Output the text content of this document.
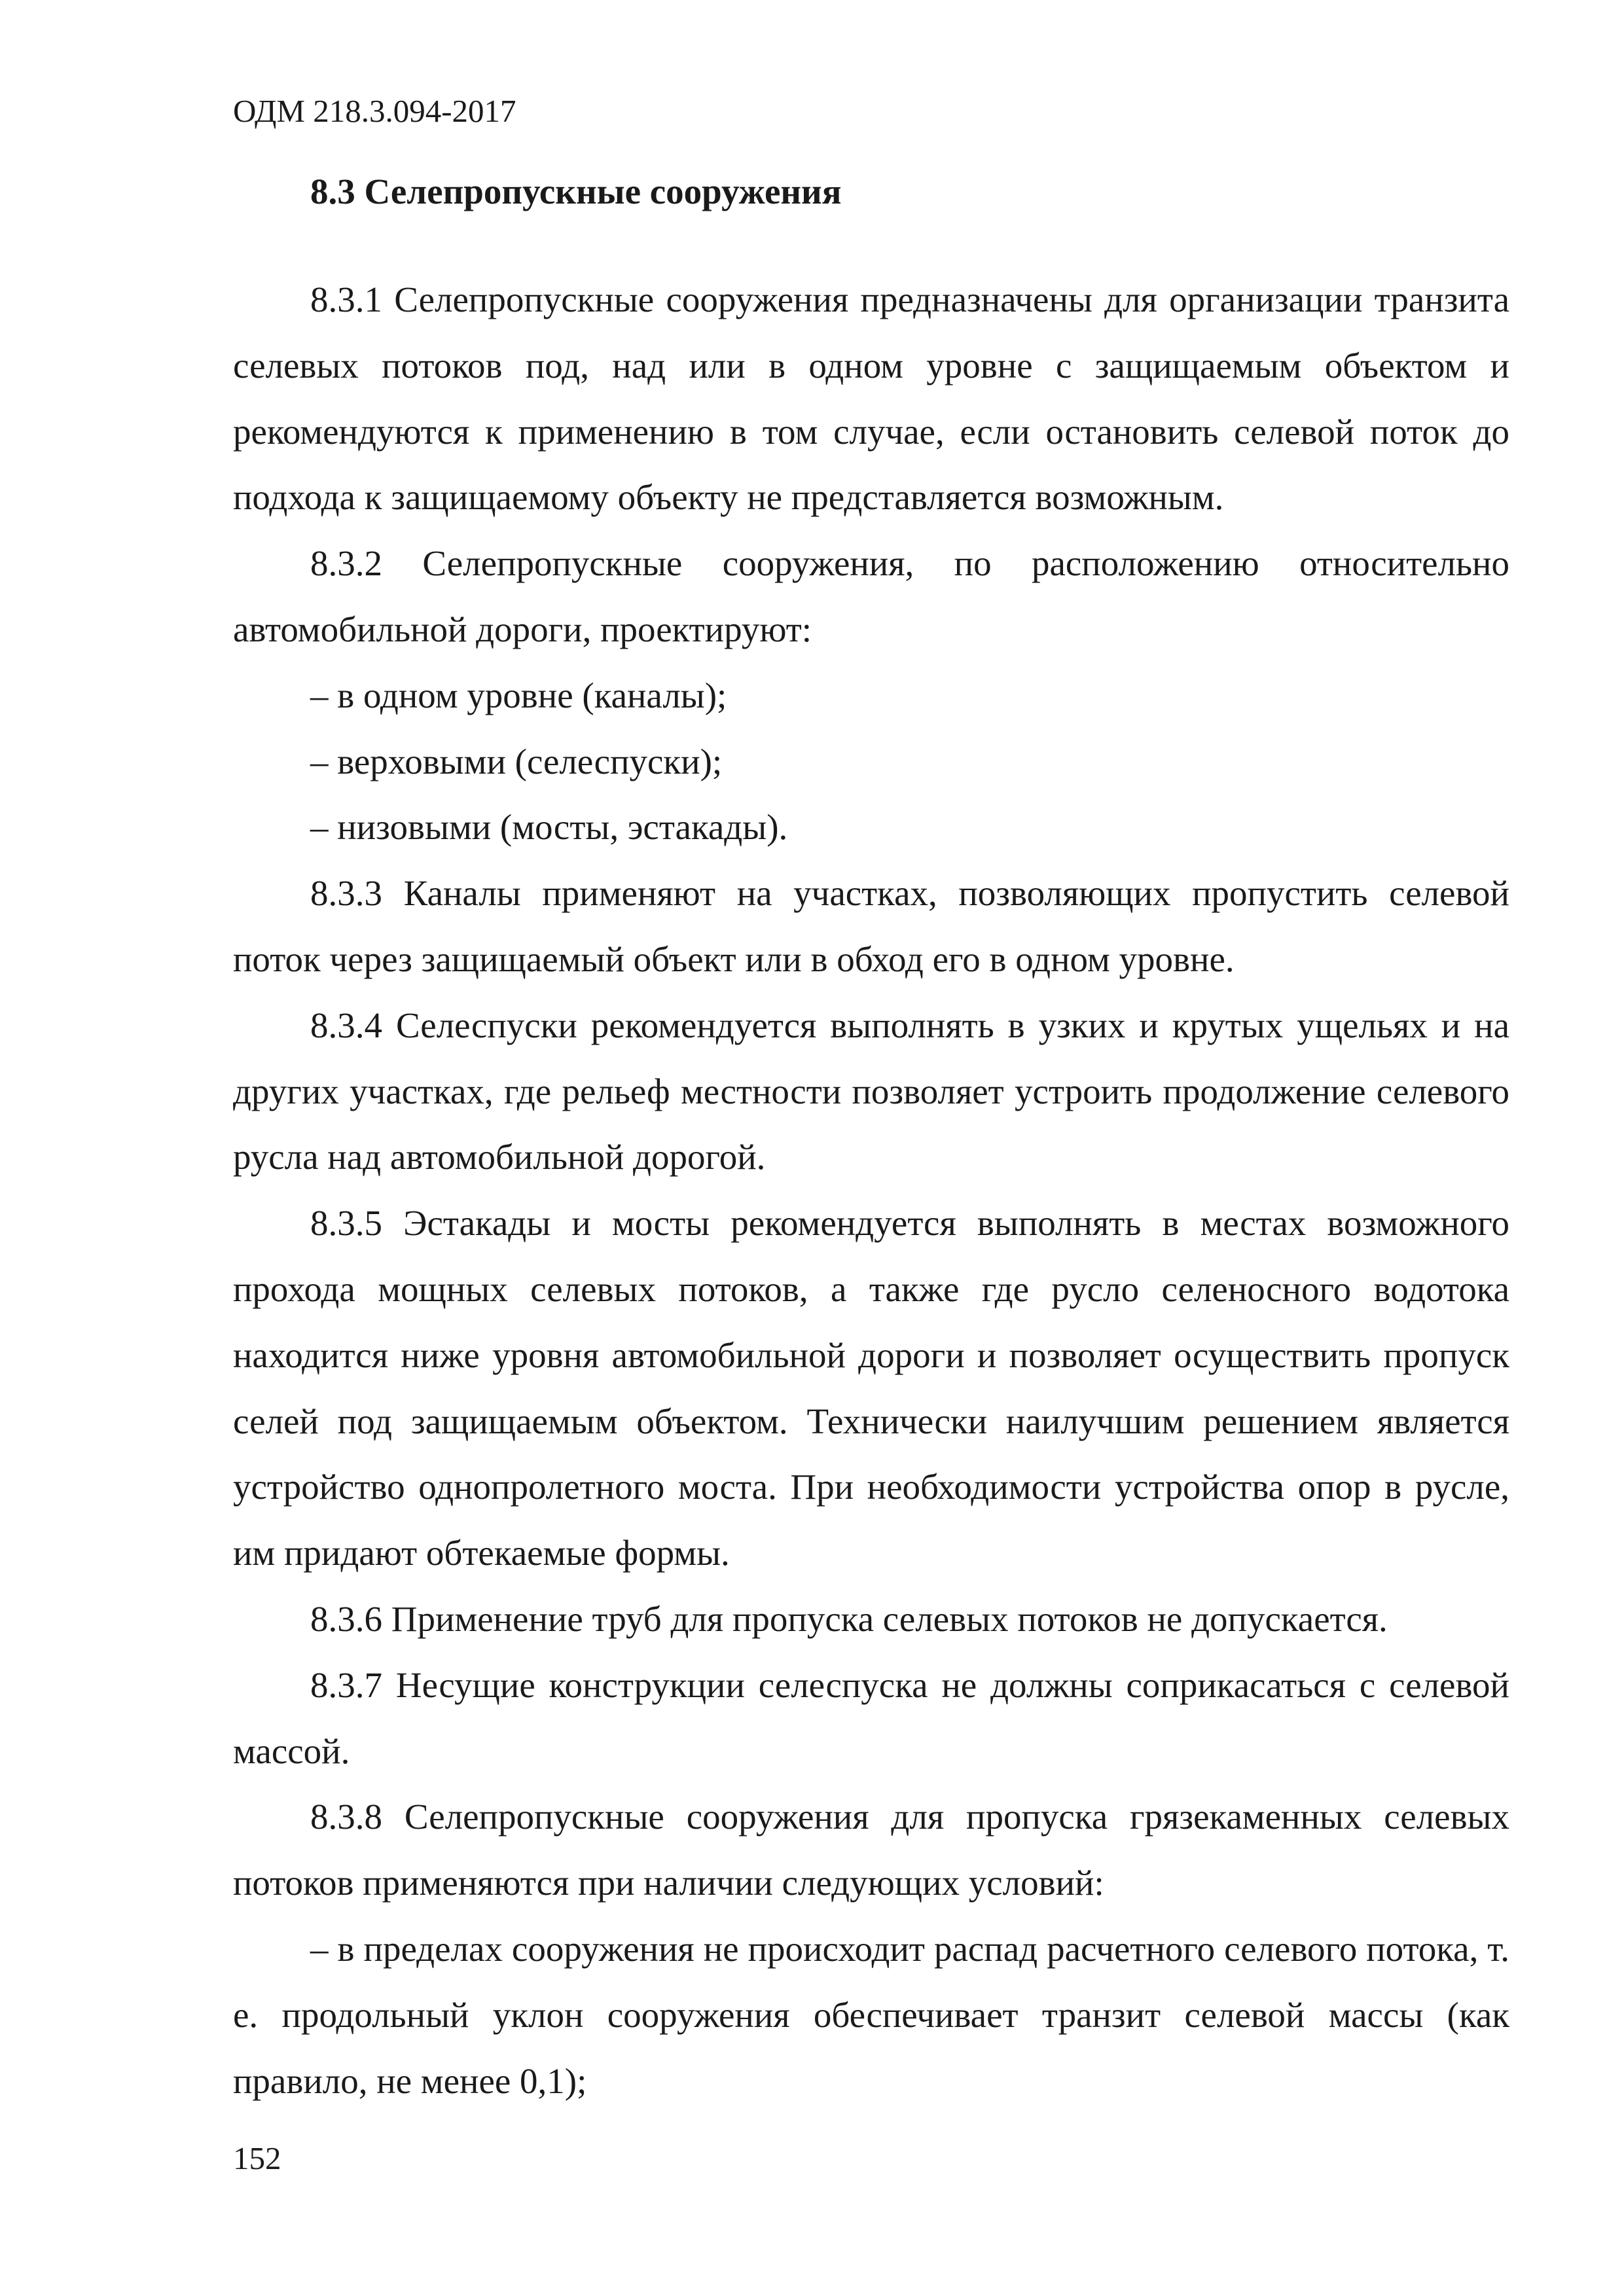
ОДМ 218.3.094-2017
8.3 Селепропускные сооружения

8.3.1 Селепропускные сооружения предназначены для организации транзита селевых потоков под, над или в одном уровне с защищаемым объектом и рекомендуются к применению в том случае, если остановить селевой поток до подхода к защищаемому объекту не представляется возможным.

8.3.2 Селепропускные сооружения, по расположению относительно автомобильной дороги, проектируют:

– в одном уровне (каналы);

– верховыми (селеспуски);

– низовыми (мосты, эстакады).

8.3.3 Каналы применяют на участках, позволяющих пропустить селевой поток через защищаемый объект или в обход его в одном уровне.

8.3.4 Селеспуски рекомендуется выполнять в узких и крутых ущельях и на других участках, где рельеф местности позволяет устроить продолжение селевого русла над автомобильной дорогой.

8.3.5 Эстакады и мосты рекомендуется выполнять в местах возможного прохода мощных селевых потоков, а также где русло селеносного водотока находится ниже уровня автомобильной дороги и позволяет осуществить пропуск селей под защищаемым объектом. Технически наилучшим решением является устройство однопролетного моста. При необходимости устройства опор в русле, им придают обтекаемые формы.

8.3.6 Применение труб для пропуска селевых потоков не допускается.

8.3.7 Несущие конструкции селеспуска не должны соприкасаться с селевой массой.

8.3.8 Селепропускные сооружения для пропуска грязекаменных селевых потоков применяются при наличии следующих условий:

– в пределах сооружения не происходит распад расчетного селевого потока, т. е. продольный уклон сооружения обеспечивает транзит селевой массы (как правило, не менее 0,1);

152
